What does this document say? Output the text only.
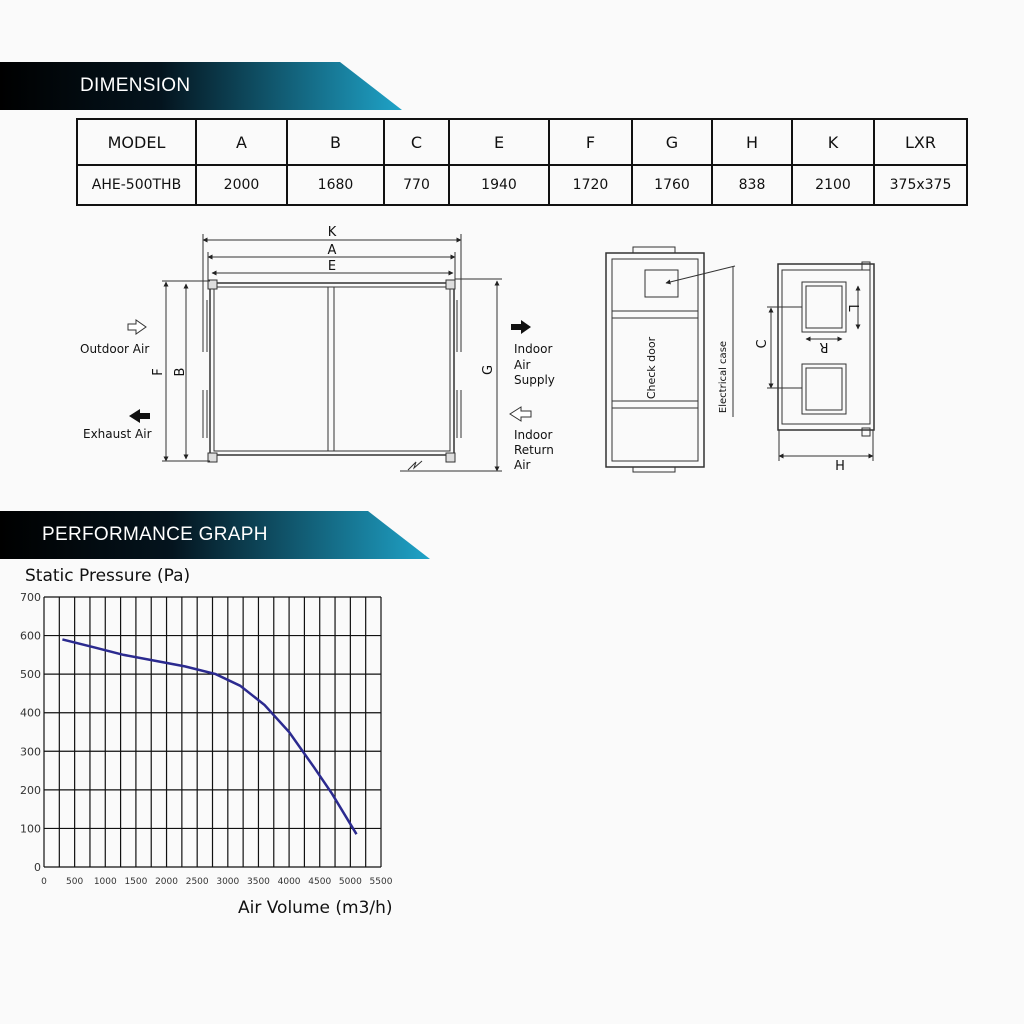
DIMENSION
MODEL	A	B	C	E	F	G	H	K	LXR
AHE-500THB	2000	1680	770	1940	1720	1760	838	2100	375x375
K
A
E
F B	G
C
H
L
R
Outdoor Air
Exhaust Air
Indoor
Air
Supply
Indoor
Return
Air
Check door	Electrical case
PERFORMANCE GRAPH
Static Pressure (Pa)
Air Volume (m3/h)
0
100
200
300
400
500
600
700
0 500 1000 1500 2000 2500 3000 3500 4000 4500 5000 5500
